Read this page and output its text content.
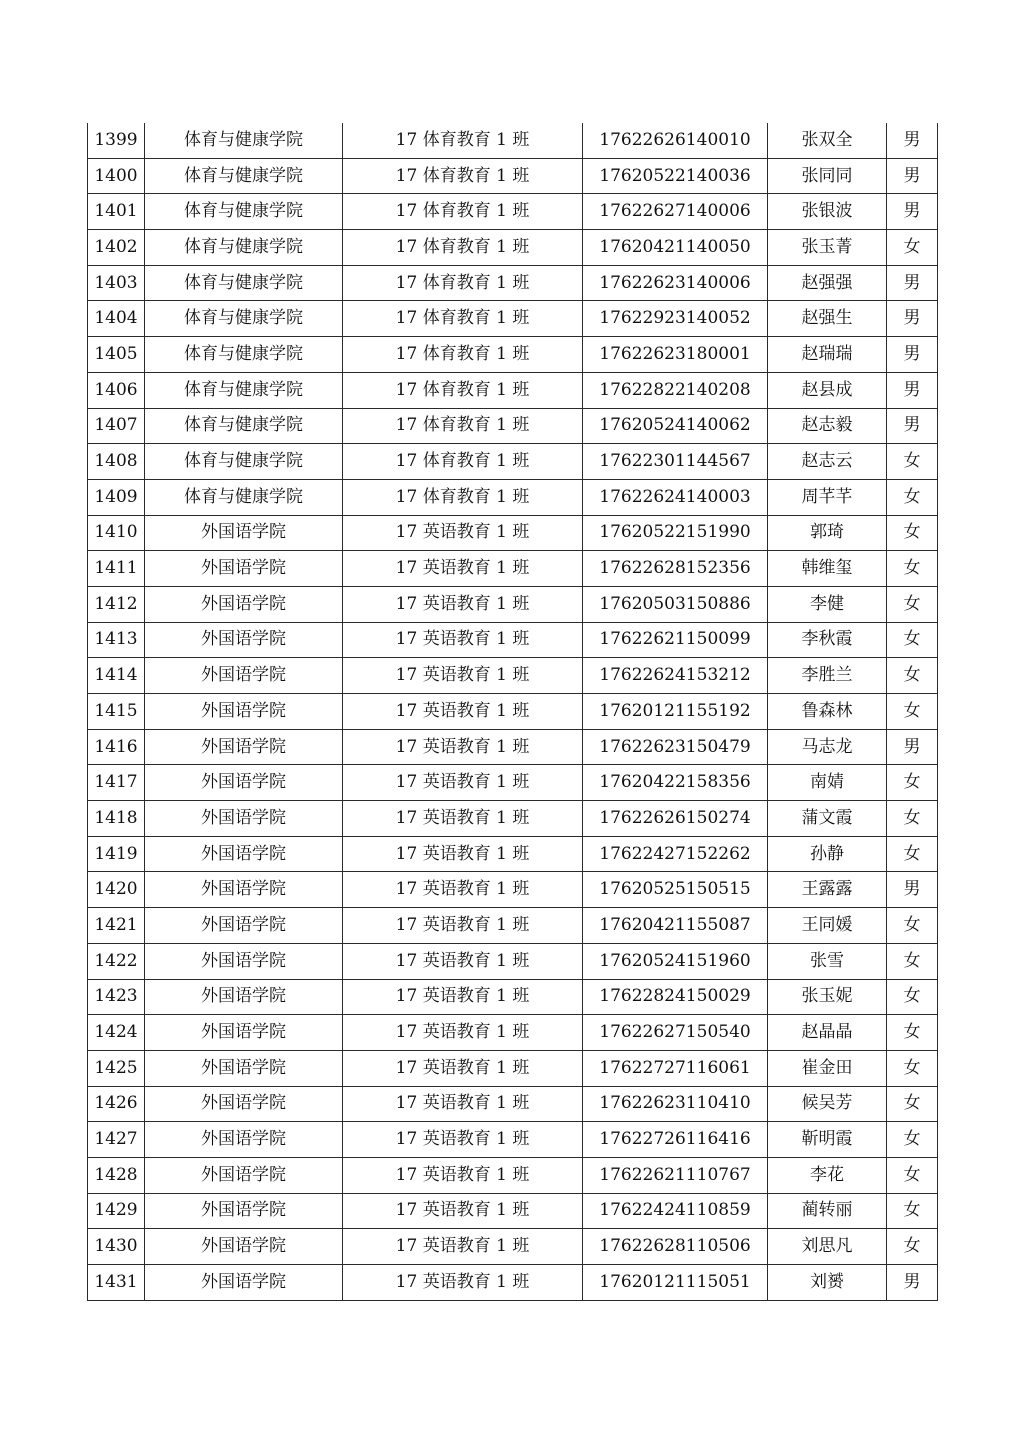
1399	体育与健康学院	17 体育教育 1 班	17622626140010	张双全	男
1400	体育与健康学院	17 体育教育 1 班	17620522140036	张同同	男
1401	体育与健康学院	17 体育教育 1 班	17622627140006	张银波	男
1402	体育与健康学院	17 体育教育 1 班	17620421140050	张玉菁	女
1403	体育与健康学院	17 体育教育 1 班	17622623140006	赵强强	男
1404	体育与健康学院	17 体育教育 1 班	17622923140052	赵强生	男
1405	体育与健康学院	17 体育教育 1 班	17622623180001	赵瑞瑞	男
1406	体育与健康学院	17 体育教育 1 班	17622822140208	赵县成	男
1407	体育与健康学院	17 体育教育 1 班	17620524140062	赵志毅	男
1408	体育与健康学院	17 体育教育 1 班	17622301144567	赵志云	女
1409	体育与健康学院	17 体育教育 1 班	17622624140003	周芊芊	女
1410	外国语学院	17 英语教育 1 班	17620522151990	郭琦	女
1411	外国语学院	17 英语教育 1 班	17622628152356	韩维玺	女
1412	外国语学院	17 英语教育 1 班	17620503150886	李健	女
1413	外国语学院	17 英语教育 1 班	17622621150099	李秋霞	女
1414	外国语学院	17 英语教育 1 班	17622624153212	李胜兰	女
1415	外国语学院	17 英语教育 1 班	17620121155192	鲁森林	女
1416	外国语学院	17 英语教育 1 班	17622623150479	马志龙	男
1417	外国语学院	17 英语教育 1 班	17620422158356	南婧	女
1418	外国语学院	17 英语教育 1 班	17622626150274	蒲文霞	女
1419	外国语学院	17 英语教育 1 班	17622427152262	孙静	女
1420	外国语学院	17 英语教育 1 班	17620525150515	王露露	男
1421	外国语学院	17 英语教育 1 班	17620421155087	王同媛	女
1422	外国语学院	17 英语教育 1 班	17620524151960	张雪	女
1423	外国语学院	17 英语教育 1 班	17622824150029	张玉妮	女
1424	外国语学院	17 英语教育 1 班	17622627150540	赵晶晶	女
1425	外国语学院	17 英语教育 1 班	17622727116061	崔金田	女
1426	外国语学院	17 英语教育 1 班	17622623110410	候吴芳	女
1427	外国语学院	17 英语教育 1 班	17622726116416	靳明霞	女
1428	外国语学院	17 英语教育 1 班	17622621110767	李花	女
1429	外国语学院	17 英语教育 1 班	17622424110859	蔺转丽	女
1430	外国语学院	17 英语教育 1 班	17622628110506	刘思凡	女
1431	外国语学院	17 英语教育 1 班	17620121115051	刘赟	男
